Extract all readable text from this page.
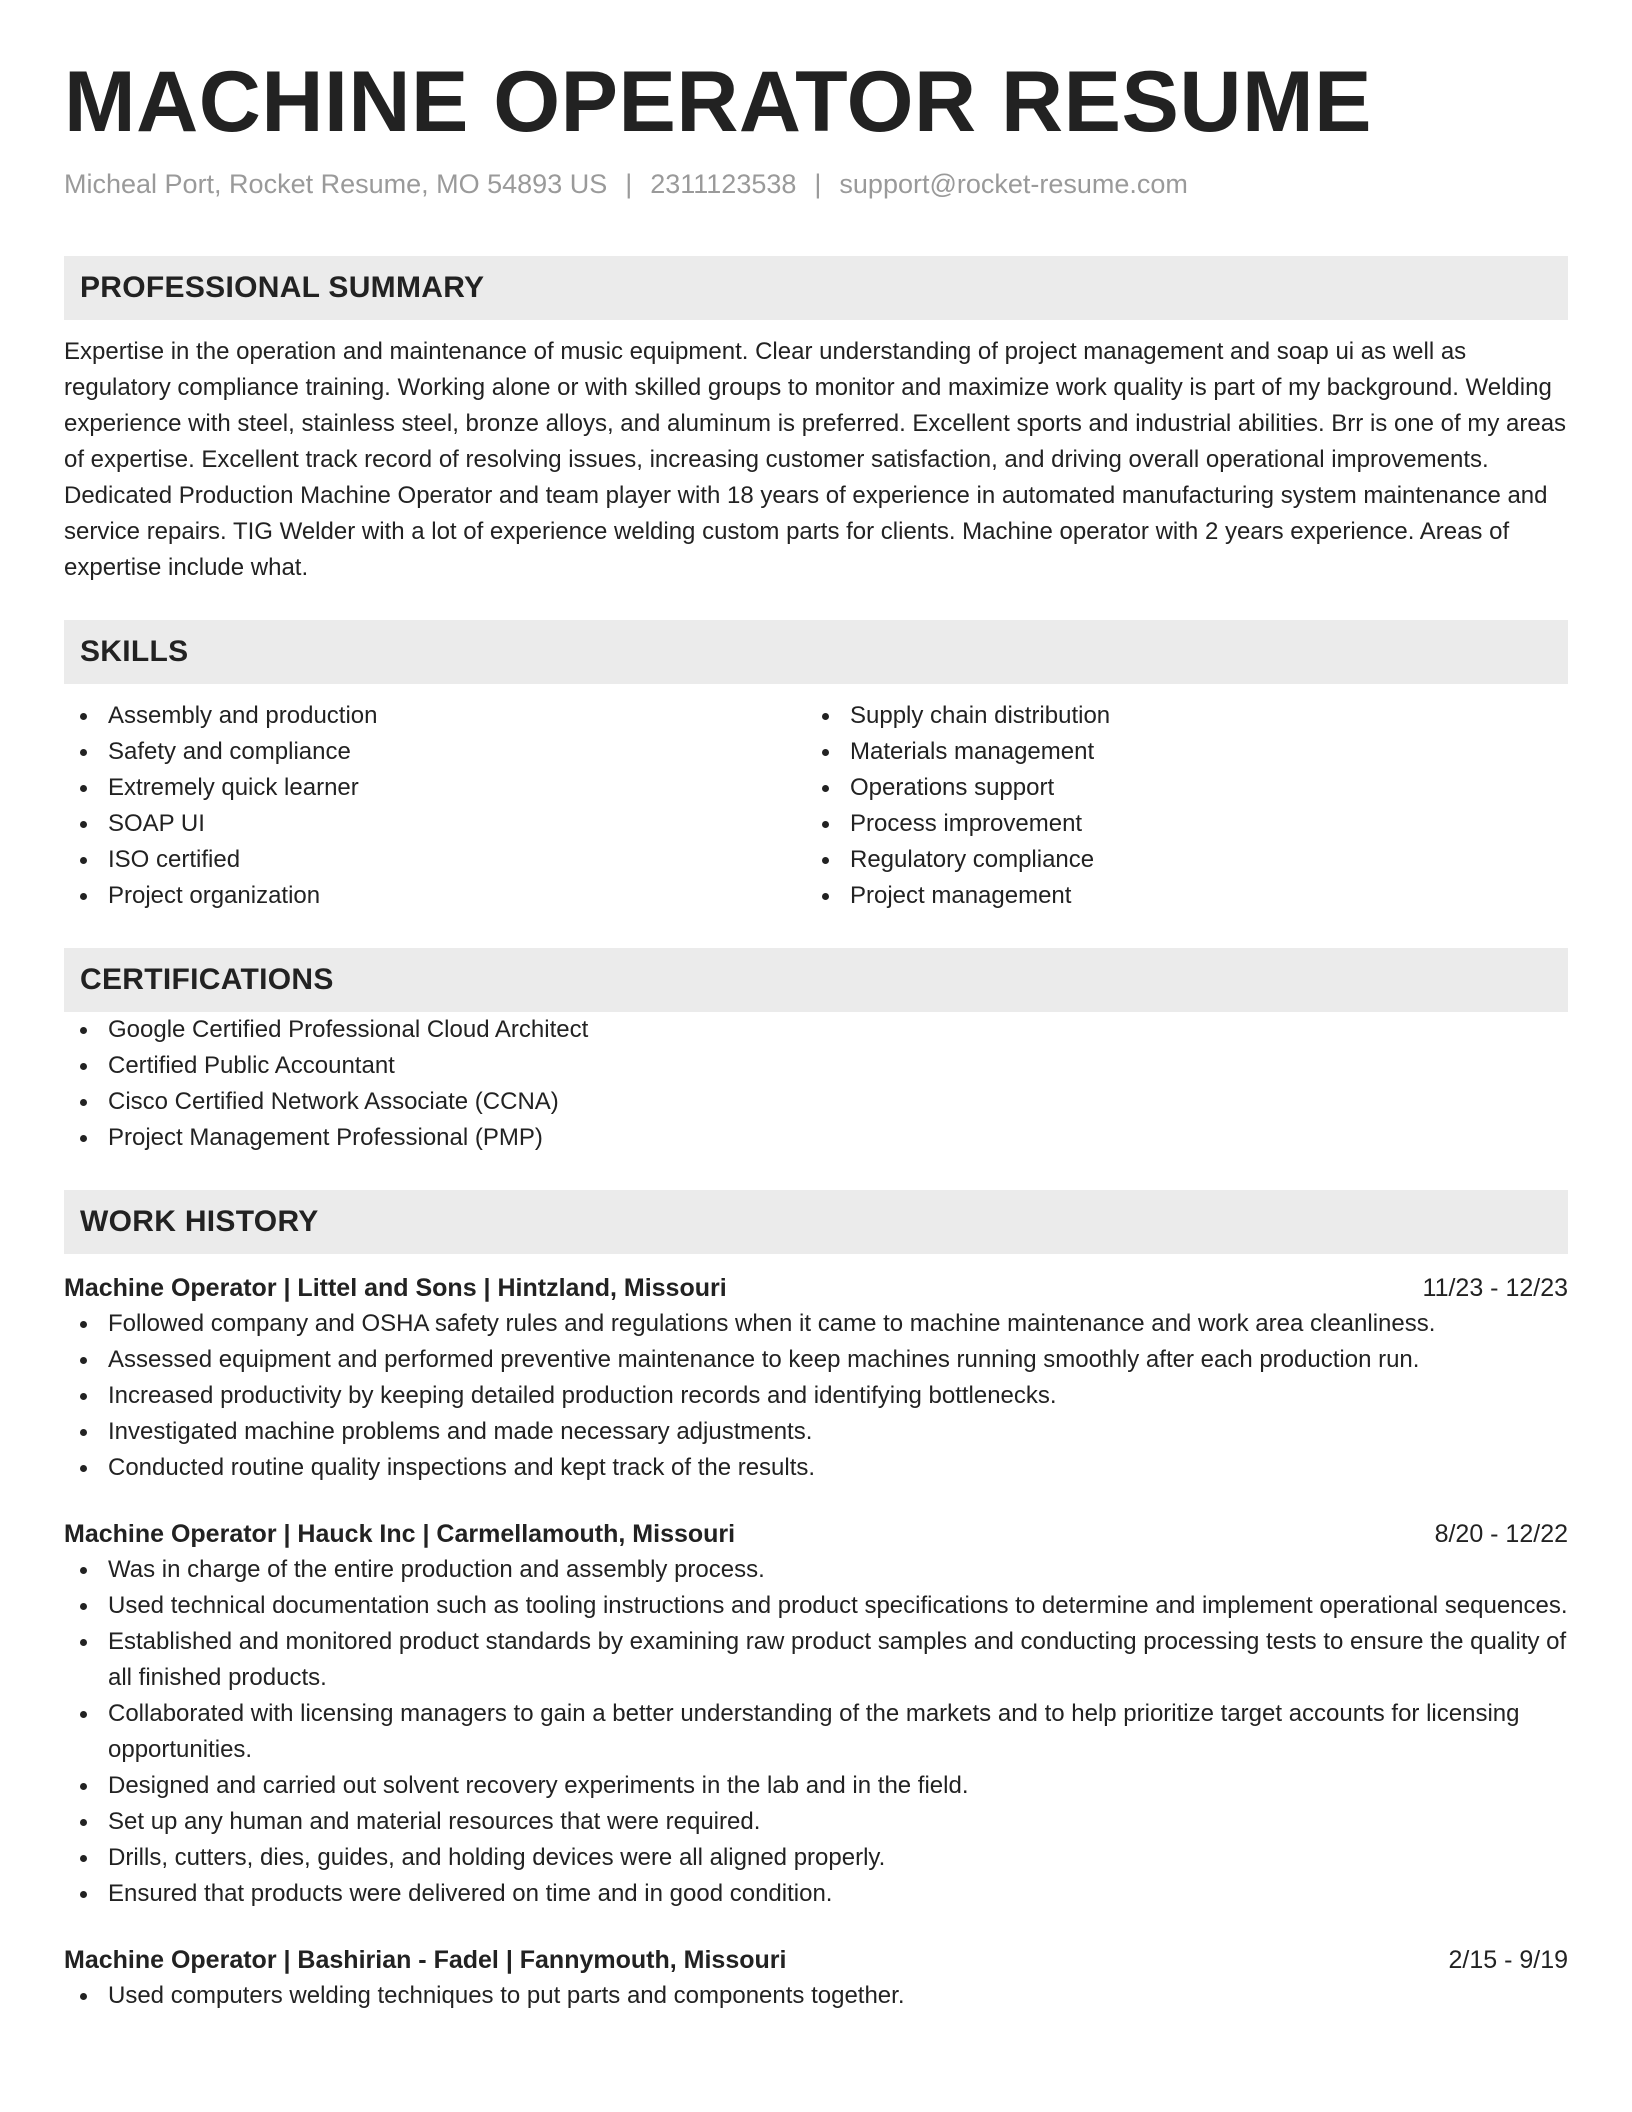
MACHINE OPERATOR RESUME
Micheal Port, Rocket Resume, MO 54893 US | 2311123538 | support@rocket-resume.com
PROFESSIONAL SUMMARY
Expertise in the operation and maintenance of music equipment. Clear understanding of project management and soap ui as well as regulatory compliance training. Working alone or with skilled groups to monitor and maximize work quality is part of my background. Welding experience with steel, stainless steel, bronze alloys, and aluminum is preferred. Excellent sports and industrial abilities. Brr is one of my areas of expertise. Excellent track record of resolving issues, increasing customer satisfaction, and driving overall operational improvements. Dedicated Production Machine Operator and team player with 18 years of experience in automated manufacturing system maintenance and service repairs. TIG Welder with a lot of experience welding custom parts for clients. Machine operator with 2 years experience. Areas of expertise include what.
SKILLS
Assembly and production
Safety and compliance
Extremely quick learner
SOAP UI
ISO certified
Project organization
Supply chain distribution
Materials management
Operations support
Process improvement
Regulatory compliance
Project management
CERTIFICATIONS
Google Certified Professional Cloud Architect
Certified Public Accountant
Cisco Certified Network Associate (CCNA)
Project Management Professional (PMP)
WORK HISTORY
Machine Operator | Littel and Sons | Hintzland, Missouri	11/23 - 12/23
Followed company and OSHA safety rules and regulations when it came to machine maintenance and work area cleanliness.
Assessed equipment and performed preventive maintenance to keep machines running smoothly after each production run.
Increased productivity by keeping detailed production records and identifying bottlenecks.
Investigated machine problems and made necessary adjustments.
Conducted routine quality inspections and kept track of the results.
Machine Operator | Hauck Inc | Carmellamouth, Missouri	8/20 - 12/22
Was in charge of the entire production and assembly process.
Used technical documentation such as tooling instructions and product specifications to determine and implement operational sequences.
Established and monitored product standards by examining raw product samples and conducting processing tests to ensure the quality of all finished products.
Collaborated with licensing managers to gain a better understanding of the markets and to help prioritize target accounts for licensing opportunities.
Designed and carried out solvent recovery experiments in the lab and in the field.
Set up any human and material resources that were required.
Drills, cutters, dies, guides, and holding devices were all aligned properly.
Ensured that products were delivered on time and in good condition.
Machine Operator | Bashirian - Fadel | Fannymouth, Missouri	2/15 - 9/19
Used computers welding techniques to put parts and components together.
